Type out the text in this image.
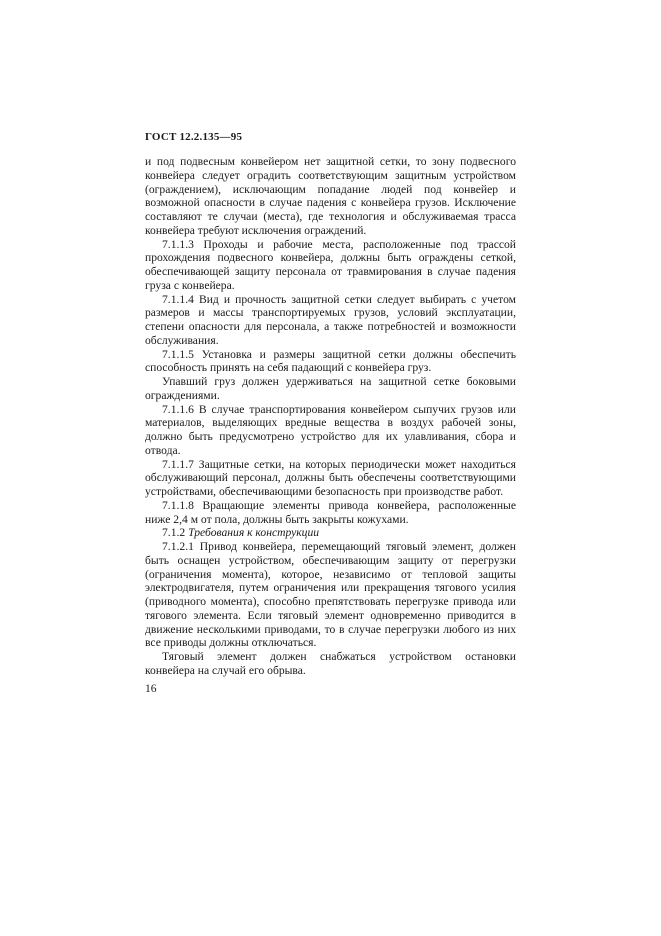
ГОСТ 12.2.135—95

и под подвесным конвейером нет защитной сетки, то зону подвесного конвейера следует оградить соответствующим защитным устройством (ограждением), исключающим попадание людей под конвейер и возможной опасности в случае падения с конвейера грузов. Исключение составляют те случаи (места), где технология и обслуживаемая трасса конвейера требуют исключения ограждений.

7.1.1.3 Проходы и рабочие места, расположенные под трассой прохождения подвесного конвейера, должны быть ограждены сеткой, обеспечивающей защиту персонала от травмирования в случае падения груза с конвейера.

7.1.1.4 Вид и прочность защитной сетки следует выбирать с учетом размеров и массы транспортируемых грузов, условий эксплуатации, степени опасности для персонала, а также потребностей и возможности обслуживания.

7.1.1.5 Установка и размеры защитной сетки должны обеспечить способность принять на себя падающий с конвейера груз.

Упавший груз должен удерживаться на защитной сетке боковыми ограждениями.

7.1.1.6 В случае транспортирования конвейером сыпучих грузов или материалов, выделяющих вредные вещества в воздух рабочей зоны, должно быть предусмотрено устройство для их улавливания, сбора и отвода.

7.1.1.7 Защитные сетки, на которых периодически может находиться обслуживающий персонал, должны быть обеспечены соответствующими устройствами, обеспечивающими безопасность при производстве работ.

7.1.1.8 Вращающие элементы привода конвейера, расположенные ниже 2,4 м от пола, должны быть закрыты кожухами.

7.1.2 Требования к конструкции

7.1.2.1 Привод конвейера, перемещающий тяговый элемент, должен быть оснащен устройством, обеспечивающим защиту от перегрузки (ограничения момента), которое, независимо от тепловой защиты электродвигателя, путем ограничения или прекращения тягового усилия (приводного момента), способно препятствовать перегрузке привода или тягового элемента. Если тяговый элемент одновременно приводится в движение несколькими приводами, то в случае перегрузки любого из них все приводы должны отключаться.

Тяговый элемент должен снабжаться устройством остановки конвейера на случай его обрыва.

16
